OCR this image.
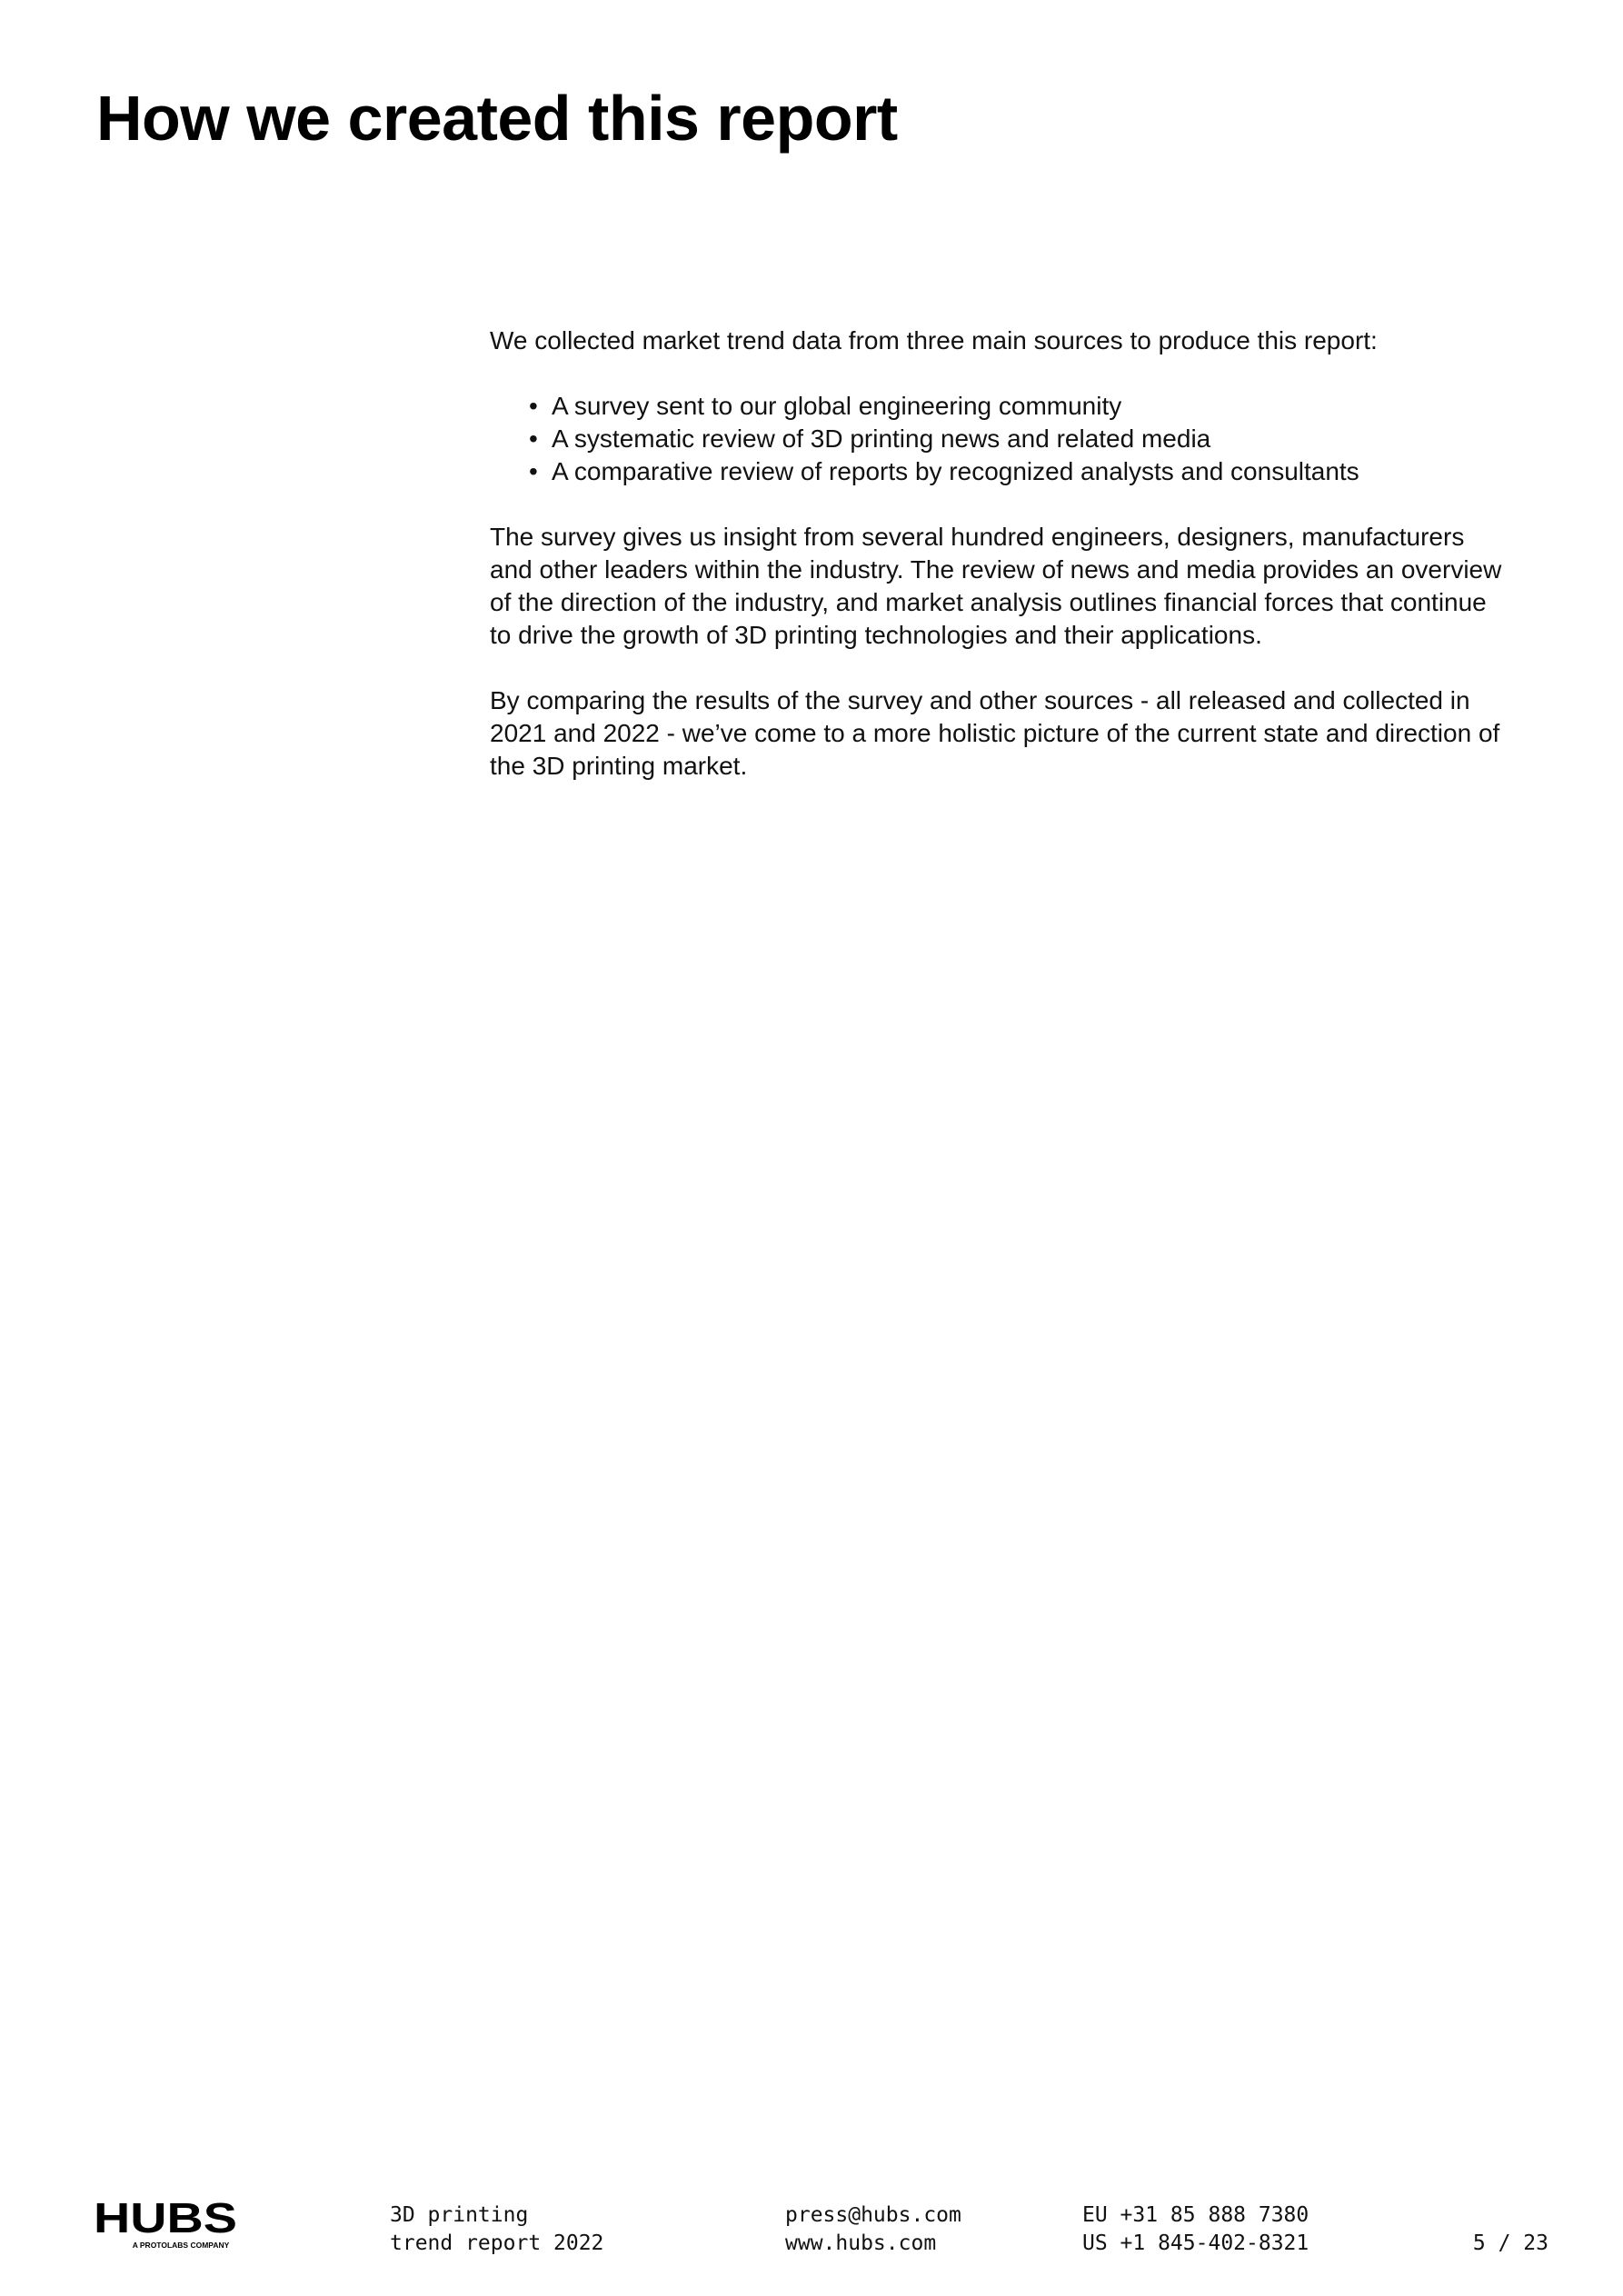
How we created this report

We collected market trend data from three main sources to produce this report:

• A survey sent to our global engineering community
• A systematic review of 3D printing news and related media
• A comparative review of reports by recognized analysts and consultants

The survey gives us insight from several hundred engineers, designers, manufacturers and other leaders within the industry. The review of news and media provides an overview of the direction of the industry, and market analysis outlines financial forces that continue to drive the growth of 3D printing technologies and their applications.

By comparing the results of the survey and other sources - all released and collected in 2021 and 2022 - we’ve come to a more holistic picture of the current state and direction of the 3D printing market.

HUBS
A PROTOLABS COMPANY
3D printing
trend report 2022
press@hubs.com
www.hubs.com
EU +31 85 888 7380
US +1 845-402-8321	5 / 23
